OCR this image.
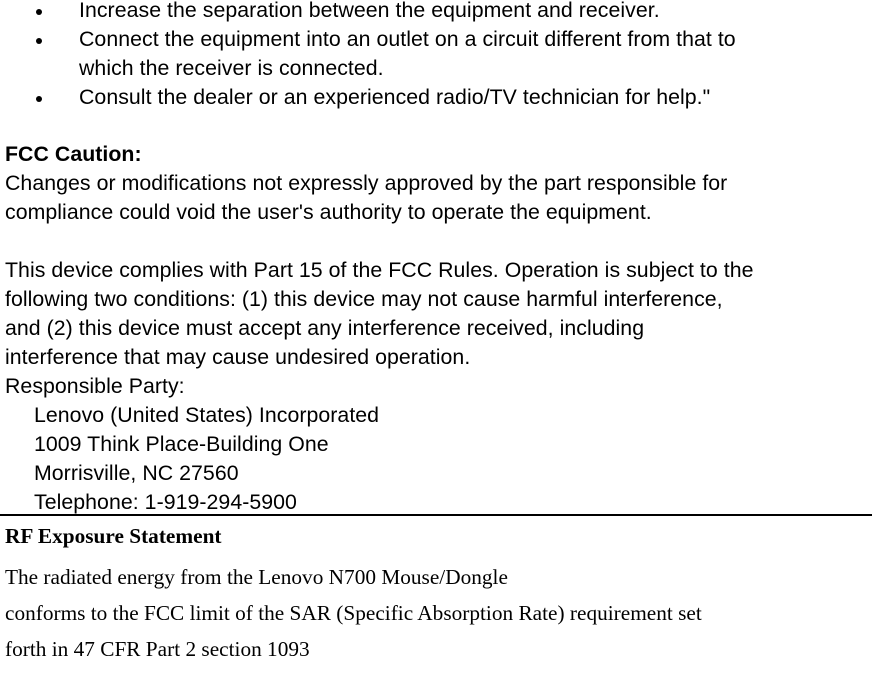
Increase the separation between the equipment and receiver.
Connect the equipment into an outlet on a circuit different from that to
which the receiver is connected.
Consult the dealer or an experienced radio/TV technician for help."
FCC Caution:
Changes or modifications not expressly approved by the part responsible for
compliance could void the user's authority to operate the equipment.
This device complies with Part 15 of the FCC Rules. Operation is subject to the
following two conditions: (1) this device may not cause harmful interference,
and (2) this device must accept any interference received, including
interference that may cause undesired operation.
Responsible Party:
Lenovo (United States) Incorporated
1009 Think Place-Building One
Morrisville, NC 27560
Telephone: 1-919-294-5900
RF Exposure Statement
The radiated energy from the Lenovo N700 Mouse/Dongle
conforms to the FCC limit of the SAR (Specific Absorption Rate) requirement set
forth in 47 CFR Part 2 section 1093
